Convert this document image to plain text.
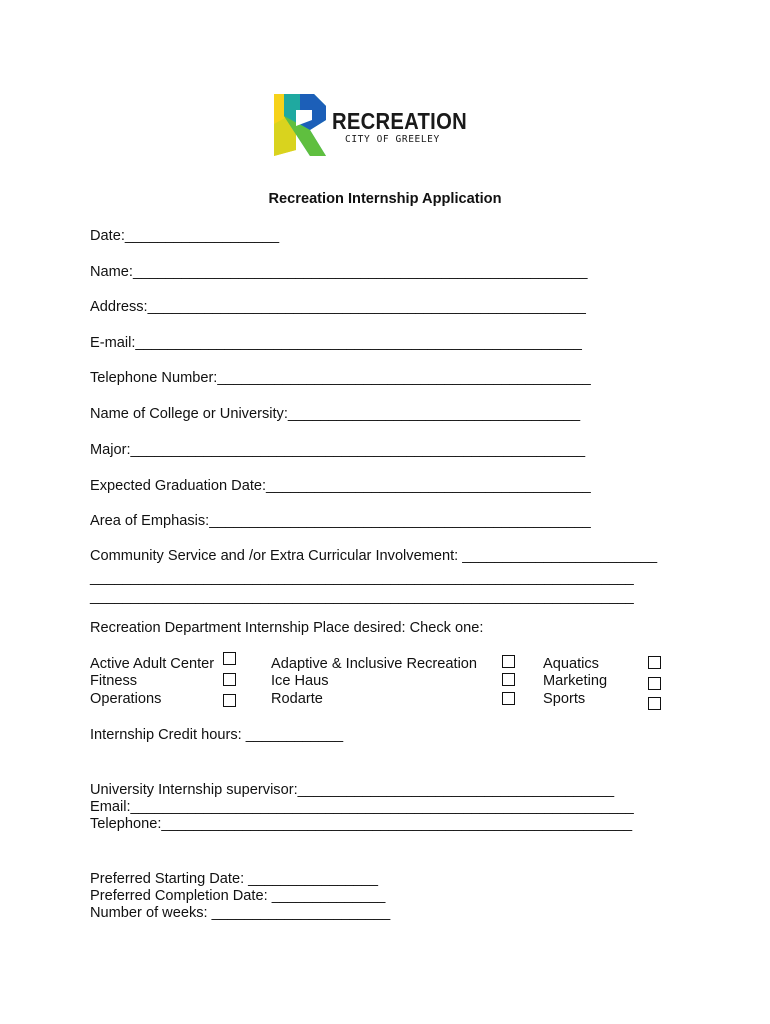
RECREATION
CITY OF GREELEY
Recreation Internship Application
Date:___________________
Name:________________________________________________________
Address:______________________________________________________
E-mail:_______________________________________________________
Telephone Number:______________________________________________
Name of College or University:____________________________________
Major:________________________________________________________
Expected Graduation Date:________________________________________
Area of Emphasis:_______________________________________________
Community Service and /or Extra Curricular Involvement: ________________________
___________________________________________________________________
___________________________________________________________________
Recreation Department Internship Place desired: Check one:
Active Adult Center
Fitness
Operations
Adaptive & Inclusive Recreation
Ice Haus
Rodarte
Aquatics
Marketing
Sports
Internship Credit hours: ____________
University Internship supervisor:_______________________________________
Email:______________________________________________________________
Telephone:__________________________________________________________
Preferred Starting Date: ________________
Preferred Completion Date: ______________
Number of weeks: ______________________
